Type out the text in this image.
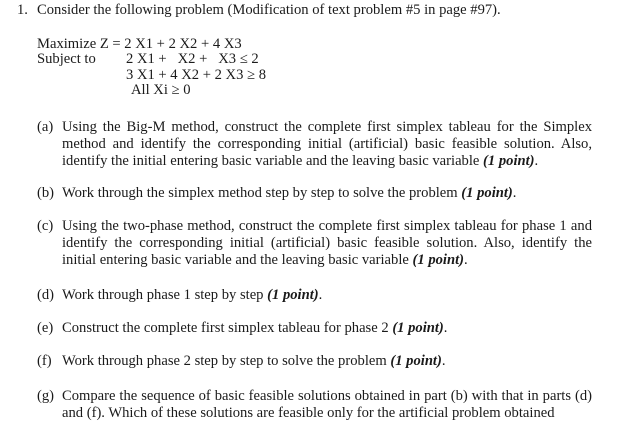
1. Consider the following problem (Modification of text problem #5 in page #97).
Maximize Z = 2 X1 + 2 X2 + 4 X3
Subject to 2 X1 +   X2 +   X3 ≤ 2
3 X1 + 4 X2 + 2 X3 ≥ 8
All Xi ≥ 0
(a) Using the Big-M method, construct the complete first simplex tableau for the Simplex method and identify the corresponding initial (artificial) basic feasible solution. Also, identify the initial entering basic variable and the leaving basic variable (1 point).
(b) Work through the simplex method step by step to solve the problem (1 point).
(c) Using the two-phase method, construct the complete first simplex tableau for phase 1 and identify the corresponding initial (artificial) basic feasible solution. Also, identify the initial entering basic variable and the leaving basic variable (1 point).
(d) Work through phase 1 step by step (1 point).
(e) Construct the complete first simplex tableau for phase 2 (1 point).
(f) Work through phase 2 step by step to solve the problem (1 point).
(g) Compare the sequence of basic feasible solutions obtained in part (b) with that in parts (d) and (f). Which of these solutions are feasible only for the artificial problem obtained
